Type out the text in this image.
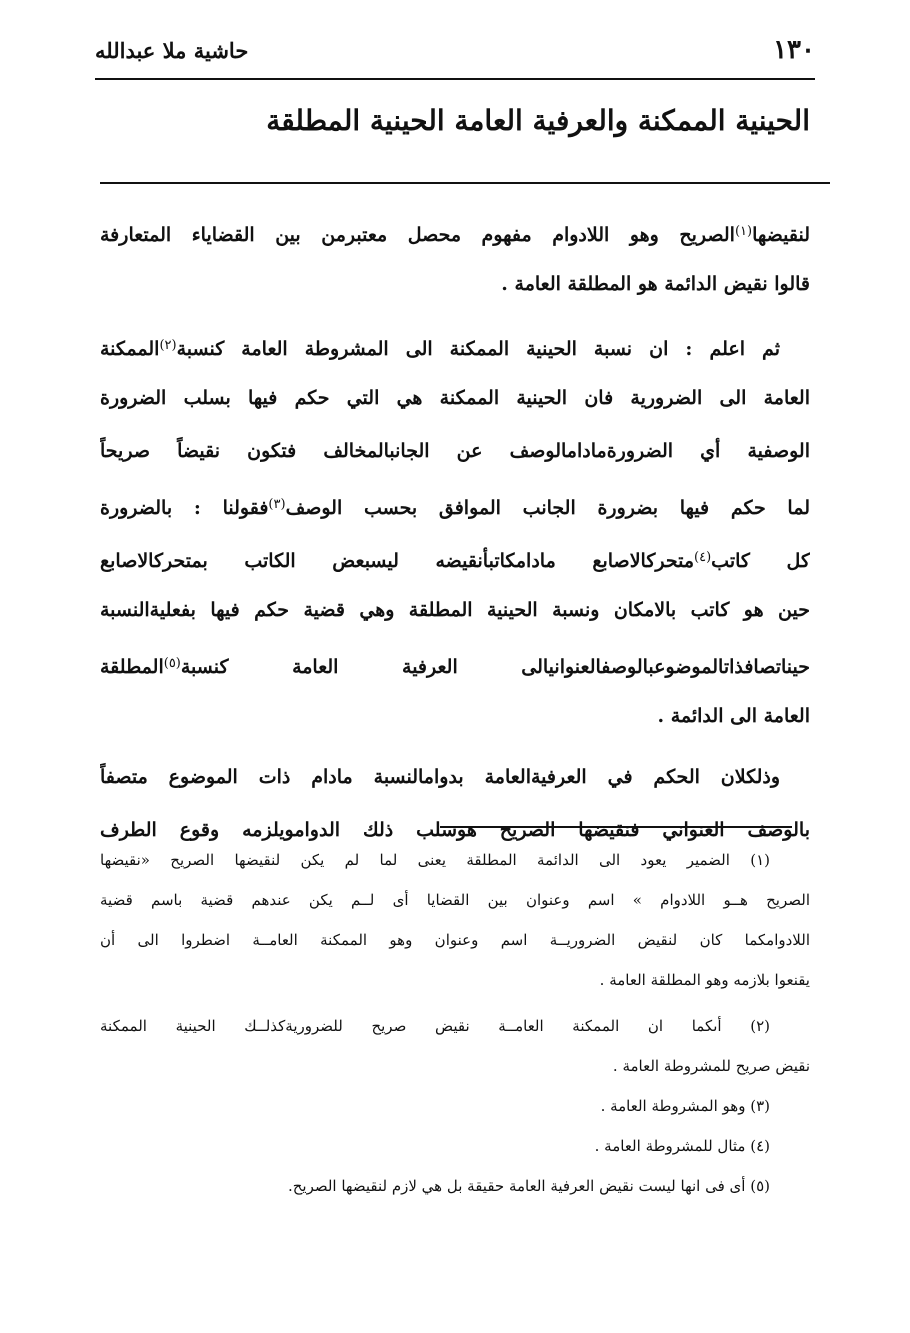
١٣٠
حاشية ملا عبدالله
الحينية الممكنة والعرفية العامة الحينية المطلقة
لنقيضها$^{(١)}$الصريح وهو اللادوام مفهوم محصل معتبرمن بين القضاياء المتعارفة
قالوا نقيض الدائمة هو المطلقة العامة .
ثم اعلم : ان نسبة الحينية الممكنة الى المشروطة العامة كنسبة$^{(٢)}$الممكنة
العامة الى الضرورية فان الحينية الممكنة هي التي حكم فيها بسلب الضرورة
الوصفية أي الضرورةمادامالوصف عن الجانبالمخالف فتكون نقيضاً صريحاً
لما حكم فيها بضرورة الجانب الموافق بحسب الوصف$^{(٣)}$فقولنا : بالضرورة
كل كاتب$^{(٤)}$متحركالاصابع مادامكاتبأنقيضه ليسبعض الكاتب بمتحركالاصابع
حين هو كاتب بالامكان ونسبة الحينية المطلقة وهي قضية حكم فيها بفعليةالنسبة
حيناتصافذاتالموضوعبالوصفالعنوانيالى العرفية العامة كنسبة$^{(٥)}$المطلقة
العامة الى الدائمة .
وذلكلان الحكم في العرفيةالعامة بدوامالنسبة مادام ذات الموضوع متصفاً
بالوصف العنواني فنقيضها الصريح هوسلب ذلك الدوامويلزمه وقوع الطرف
(١) الضمير يعود الى الدائمة المطلقة يعنى لما لم يكن لنقيضها الصريح «نقيضها
الصريح هــو اللادوام » اسم وعنوان بين القضايا أى لــم يكن عندهم قضية باسم قضية
اللادوامكما كان لنقيض الضروريــة اسم وعنوان وهو الممكنة العامــة اضطروا الى أن
يقنعوا بلازمه وهو المطلقة العامة .
(٢) أىكما ان الممكنة العامــة نقيض صريح للضروريةكذلــك الحينية الممكنة
نقيض صريح للمشروطة العامة .
(٣) وهو المشروطة العامة .
(٤) مثال للمشروطة العامة .
(٥) أى فى انها ليست نقيض العرفية العامة حقيقة بل هي لازم لنقيضها الصريح.
